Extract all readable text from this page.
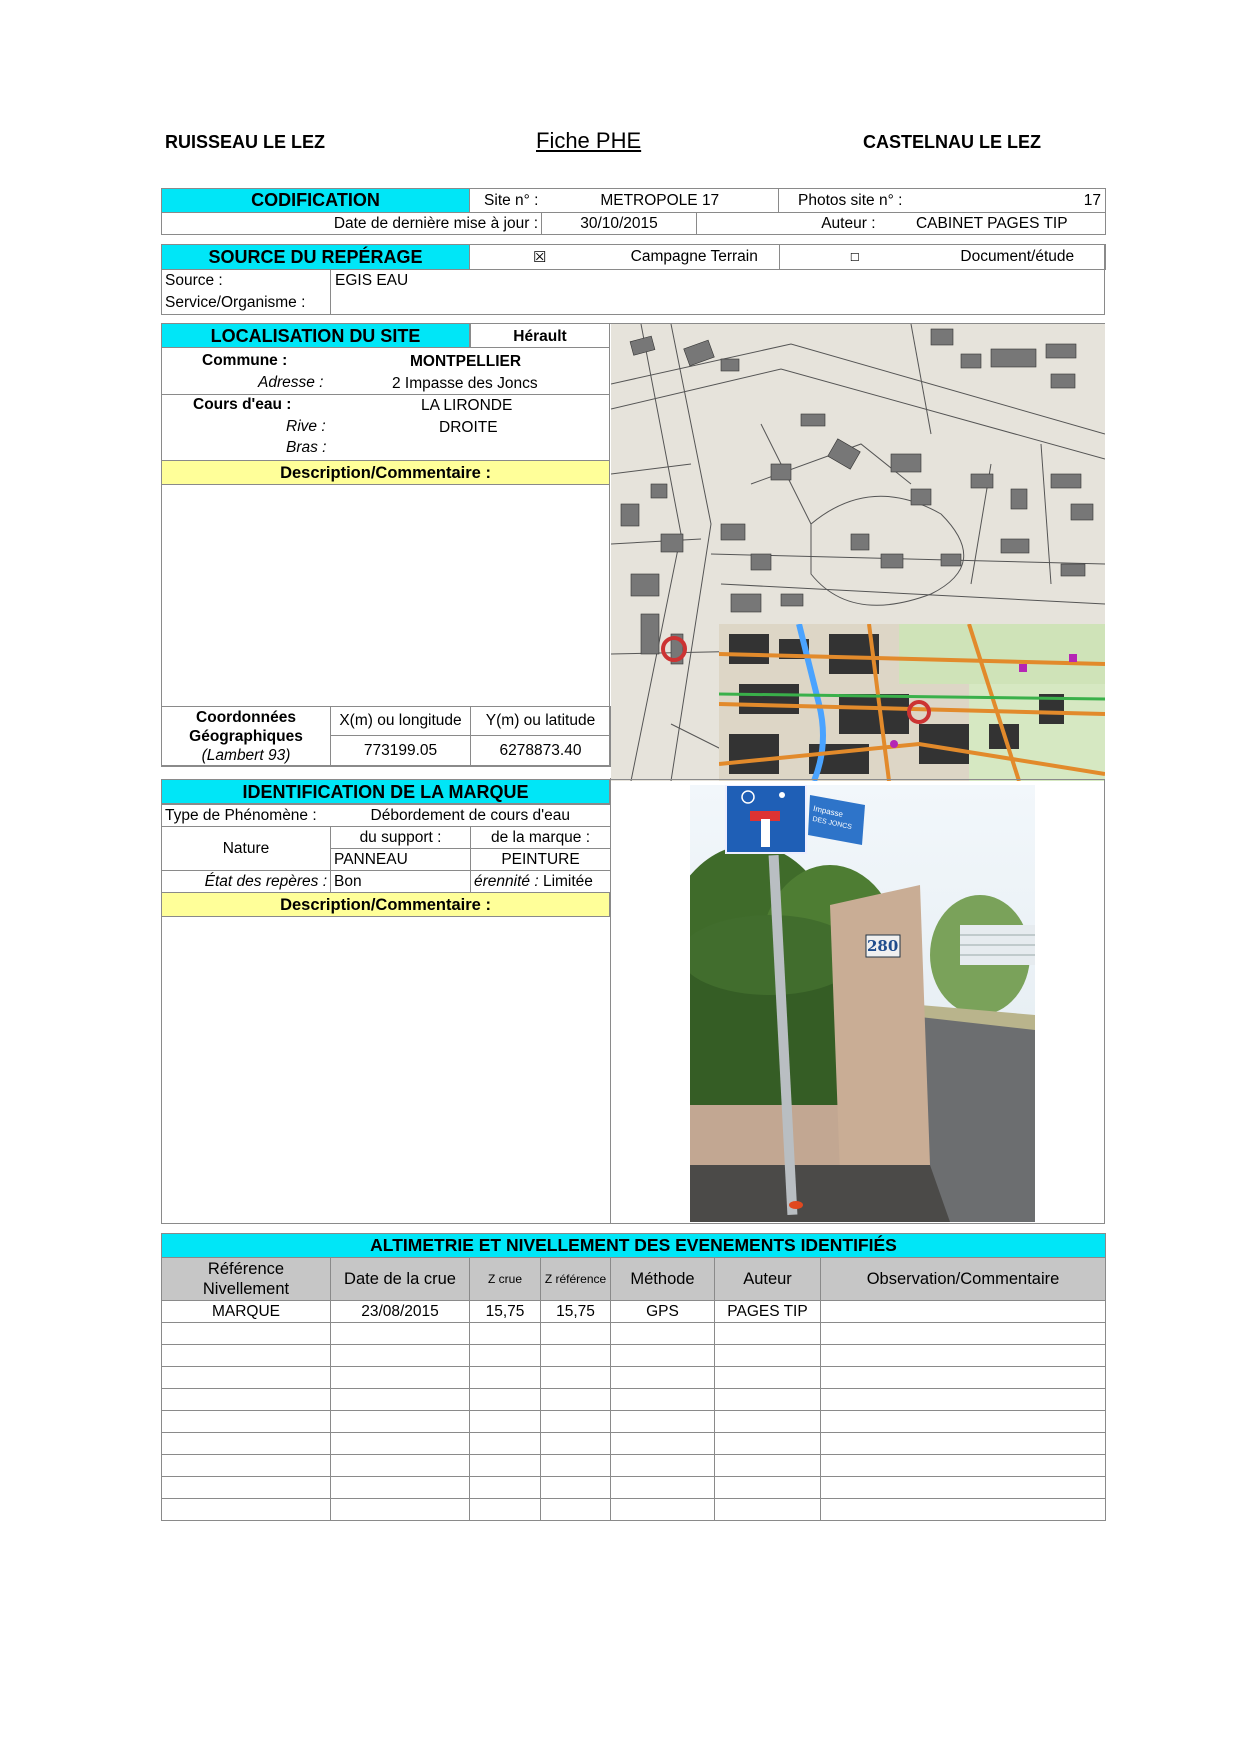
RUISSEAU LE LEZ	Fiche PHE	CASTELNAU LE LEZ
CODIFICATION	Site n° :	METROPOLE 17		Photos site n° : 17	

Date de dernière mise à jour :		30/10/2015	Auteur :		CABINET PAGES TIP
SOURCE DU REPÉRAGE	☒	Campagne Terrain	☐	Document/étude
Source :	EGIS EAU
Service/Organisme :
LOCALISATION DU SITE	Hérault
Commune :	MONTPELLIER
Adresse :	2 Impasse des Joncs
Cours d'eau :	LA LIRONDE
Rive :	DROITE
Bras :
Description/Commentaire :
Coordonnées
Géographiques
(Lambert 93)	X(m) ou longitude	Y(m) ou latitude
	773199.05	6278873.40
IDENTIFICATION DE LA MARQUE
Type de Phénomène :	Débordement de cours d'eau	
Nature	du support :	de la marque :
	PANNEAU	PEINTURE
État des repères :	Bon	érennité : Limitée
Description/Commentaire :
Impasse
DES JONCS
280
ALTIMETRIE ET NIVELLEMENT DES EVENEMENTS IDENTIFIÉS						
Référence Nivellement	Date de la crue	Z crue	Z référence	Méthode	Auteur	Observation/Commentaire
MARQUE	23/08/2015	15,75	15,75	GPS	PAGES TIP	
